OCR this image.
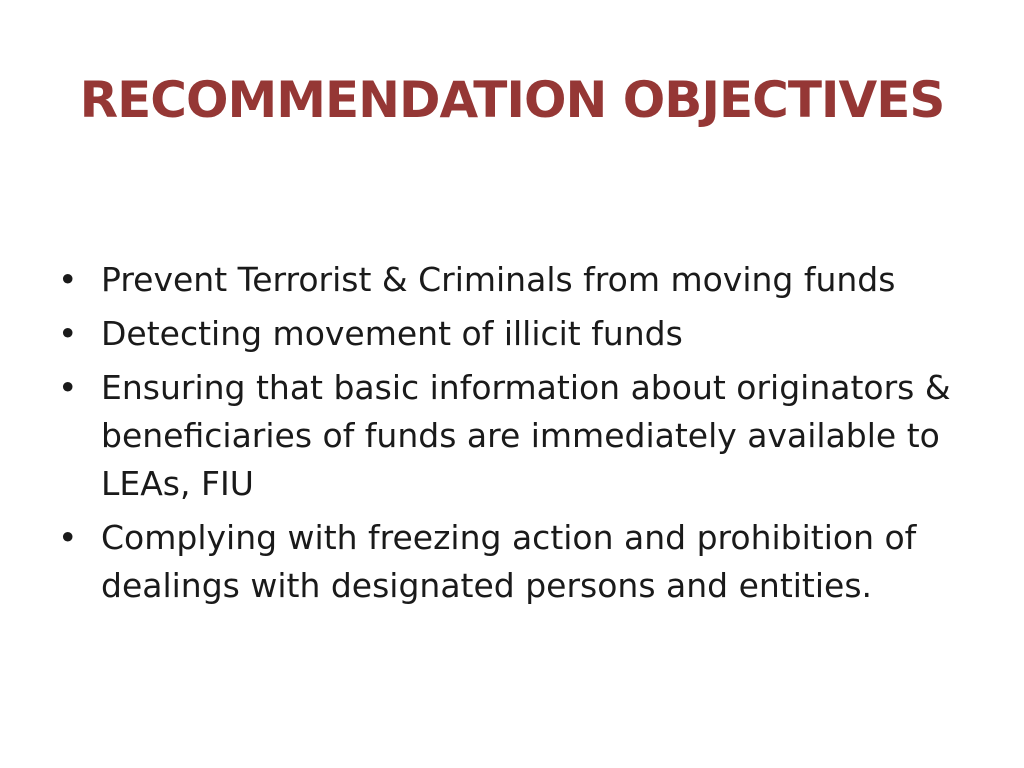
RECOMMENDATION OBJECTIVES
• Prevent Terrorist & Criminals from moving funds
• Detecting movement of illicit funds
• Ensuring that basic information about originators & beneficiaries of funds are immediately available to LEAs, FIU
• Complying with freezing action and prohibition of dealings with designated persons and entities.
